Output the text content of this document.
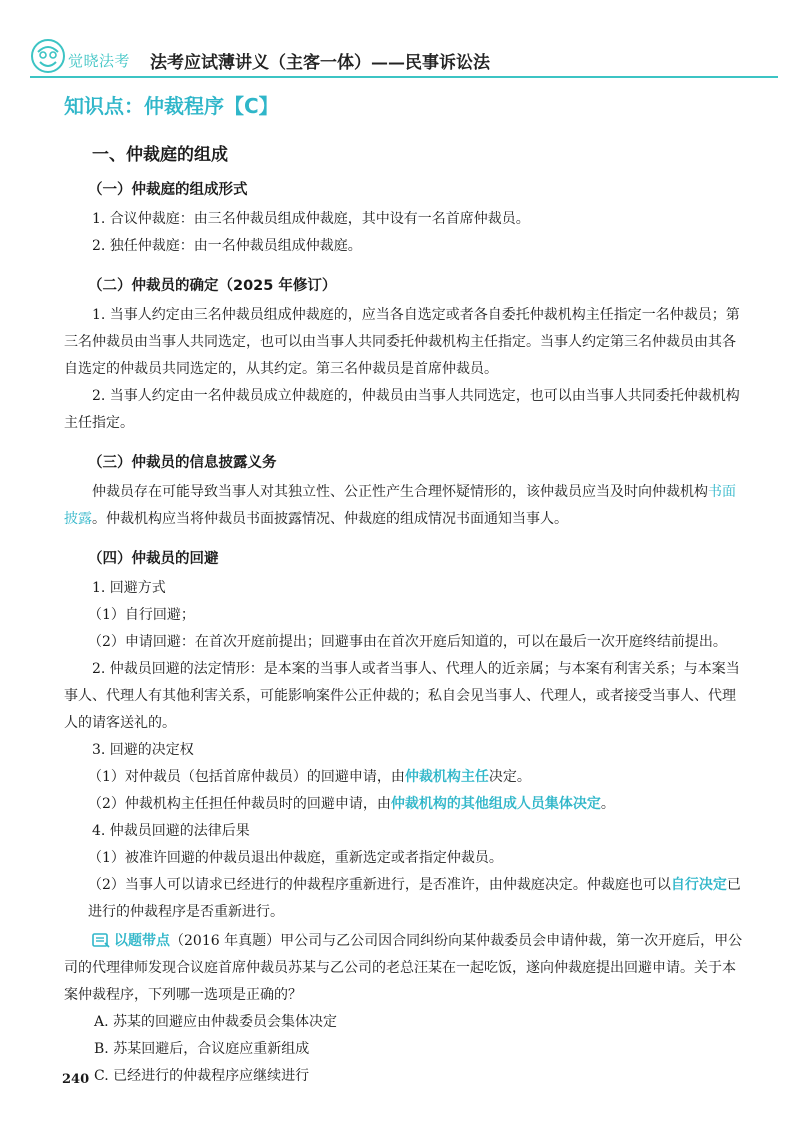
觉晓法考 法考应试薄讲义（主客一体）——民事诉讼法
知识点：仲裁程序【C】
一、仲裁庭的组成
（一）仲裁庭的组成形式

1. 合议仲裁庭：由三名仲裁员组成仲裁庭，其中设有一名首席仲裁员。

2. 独任仲裁庭：由一名仲裁员组成仲裁庭。

（二）仲裁员的确定（2025 年修订）

1. 当事人约定由三名仲裁员组成仲裁庭的，应当各自选定或者各自委托仲裁机构主任指定一名仲裁员；第三名仲裁员由当事人共同选定，也可以由当事人共同委托仲裁机构主任指定。当事人约定第三名仲裁员由其各自选定的仲裁员共同选定的，从其约定。第三名仲裁员是首席仲裁员。

2. 当事人约定由一名仲裁员成立仲裁庭的，仲裁员由当事人共同选定，也可以由当事人共同委托仲裁机构主任指定。

（三）仲裁员的信息披露义务

仲裁员存在可能导致当事人对其独立性、公正性产生合理怀疑情形的，该仲裁员应当及时向仲裁机构书面披露。仲裁机构应当将仲裁员书面披露情况、仲裁庭的组成情况书面通知当事人。

（四）仲裁员的回避

1. 回避方式

（1）自行回避；

（2）申请回避：在首次开庭前提出；回避事由在首次开庭后知道的，可以在最后一次开庭终结前提出。

2. 仲裁员回避的法定情形：是本案的当事人或者当事人、代理人的近亲属；与本案有利害关系；与本案当事人、代理人有其他利害关系，可能影响案件公正仲裁的；私自会见当事人、代理人，或者接受当事人、代理人的请客送礼的。

3. 回避的决定权

（1）对仲裁员（包括首席仲裁员）的回避申请，由仲裁机构主任决定。

（2）仲裁机构主任担任仲裁员时的回避申请，由仲裁机构的其他组成人员集体决定。

4. 仲裁员回避的法律后果

（1）被准许回避的仲裁员退出仲裁庭，重新选定或者指定仲裁员。

（2）当事人可以请求已经进行的仲裁程序重新进行，是否准许，由仲裁庭决定。仲裁庭也可以自行决定已进行的仲裁程序是否重新进行。

以题带点（2016 年真题）甲公司与乙公司因合同纠纷向某仲裁委员会申请仲裁，第一次开庭后，甲公司的代理律师发现合议庭首席仲裁员苏某与乙公司的老总汪某在一起吃饭，遂向仲裁庭提出回避申请。关于本案仲裁程序，下列哪一选项是正确的？

A. 苏某的回避应由仲裁委员会集体决定

B. 苏某回避后，合议庭应重新组成

C. 已经进行的仲裁程序应继续进行

240
